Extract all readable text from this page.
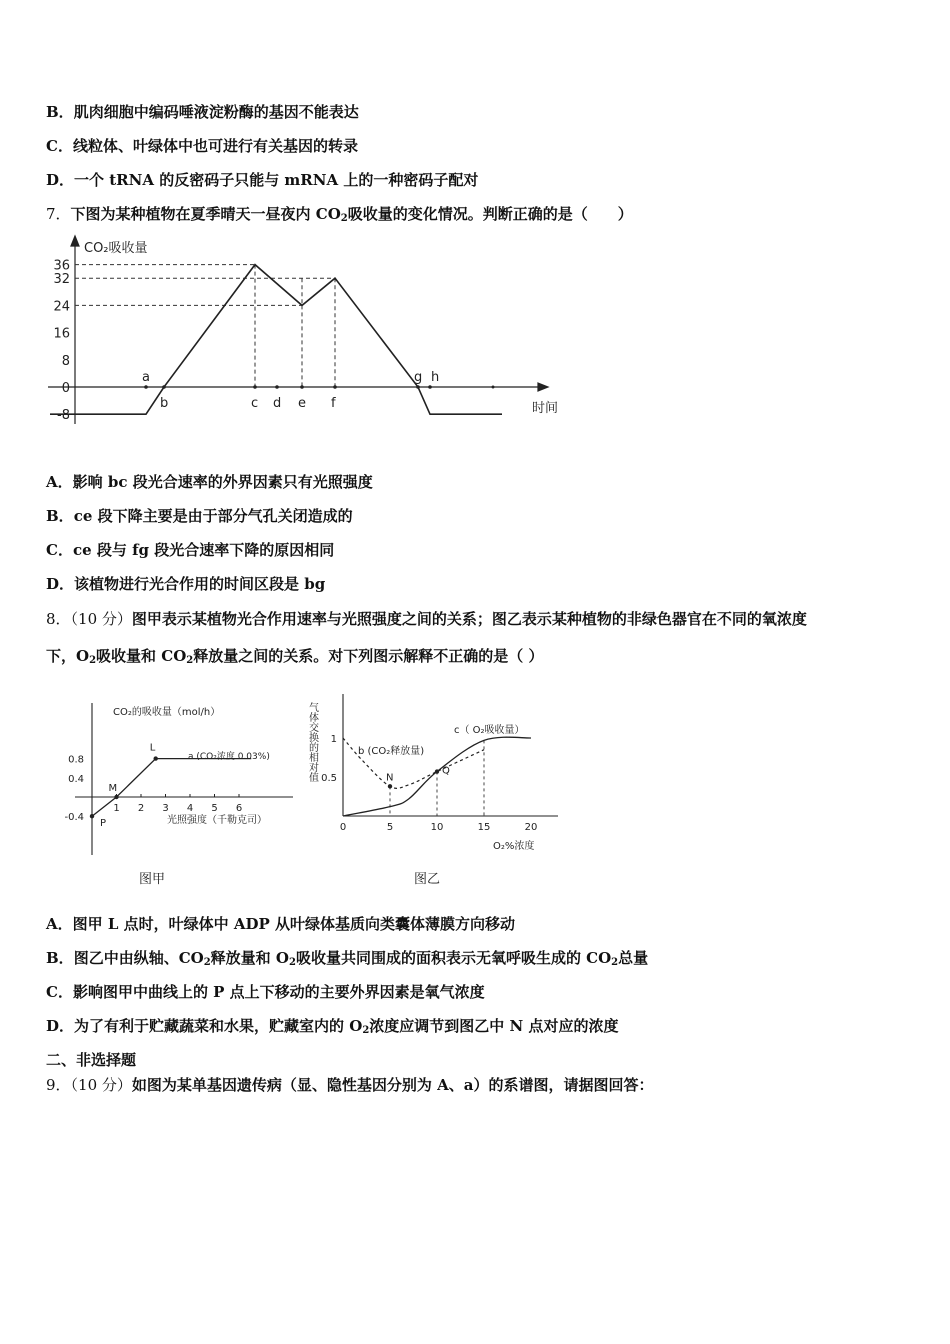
B．肌肉细胞中编码唾液淀粉酶的基因不能表达
C．线粒体、叶绿体中也可进行有关基因的转录
D．一个 tRNA 的反密码子只能与 mRNA 上的一种密码子配对
7．下图为某种植物在夏季晴天一昼夜内 $CO_2$吸收量的变化情况。判断正确的是（　　）
CO₂吸收量
时间
36
32
24
16
8
0
-8
a
b	c d e f
g h
A．影响 bc 段光合速率的外界因素只有光照强度
B．ce 段下降主要是由于部分气孔关闭造成的
C．ce 段与 fg 段光合速率下降的原因相同
D．该植物进行光合作用的时间区段是 bg
8．（10 分）图甲表示某植物光合作用速率与光照强度之间的关系；图乙表示某种植物的非绿色器官在不同的氧浓度
下，$O_2$吸收量和 $CO_2$释放量之间的关系。对下列图示解释不正确的是（ ）
CO₂的吸收量（mol/h）
光照强度（千勒克司）
a (CO₂浓度 0.03%)
图甲
1 2 3 4 5 6
0.8
0.4
-0.4
L
M
P
气体交换的相对值
O₂%浓度
图乙
b (CO₂释放量)
c（ O₂吸收量）
0	5	10	15	20
1
0.5	N
Q
A．图甲 L 点时，叶绿体中 ADP 从叶绿体基质向类囊体薄膜方向移动
B．图乙中由纵轴、$CO_2$释放量和 $O_2$吸收量共同围成的面积表示无氧呼吸生成的 $CO_2$总量
C．影响图甲中曲线上的 P 点上下移动的主要外界因素是氧气浓度
D．为了有利于贮藏蔬菜和水果，贮藏室内的 $O_2$浓度应调节到图乙中 N 点对应的浓度
二、非选择题
9．（10 分）如图为某单基因遗传病（显、隐性基因分别为 A、a）的系谱图，请据图回答：
